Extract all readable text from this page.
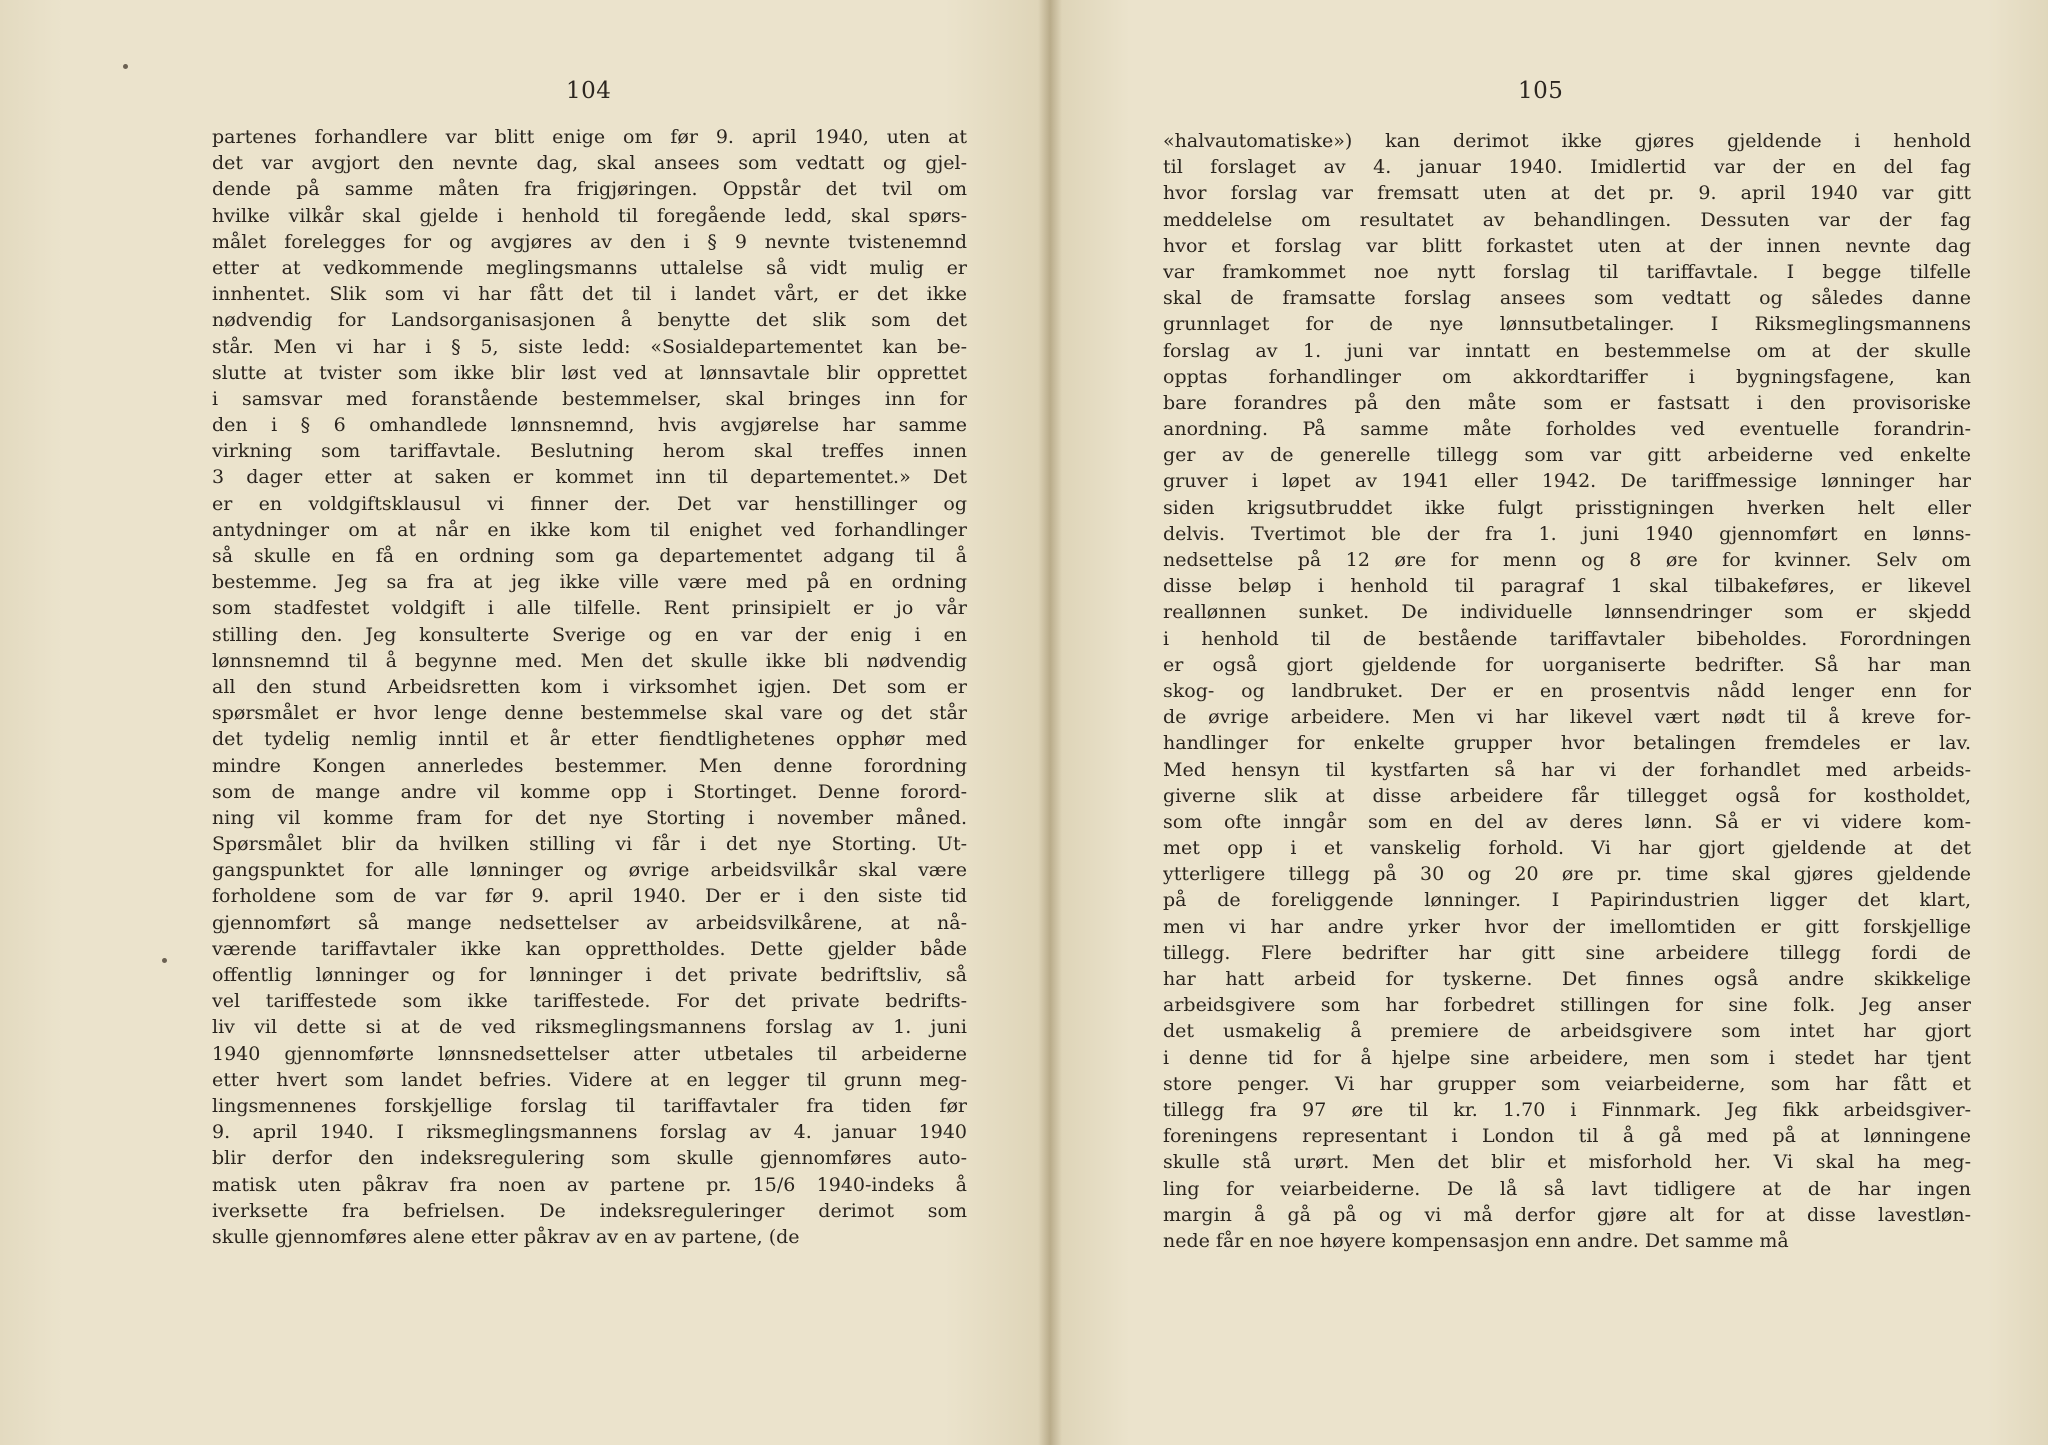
104
partenes forhandlere var blitt enige om før 9. april 1940, uten at
det var avgjort den nevnte dag, skal ansees som vedtatt og gjel-
dende på samme måten fra frigjøringen. Oppstår det tvil om
hvilke vilkår skal gjelde i henhold til foregående ledd, skal spørs-
målet forelegges for og avgjøres av den i § 9 nevnte tvistenemnd
etter at vedkommende meglingsmanns uttalelse så vidt mulig er
innhentet. Slik som vi har fått det til i landet vårt, er det ikke
nødvendig for Landsorganisasjonen å benytte det slik som det
står. Men vi har i § 5, siste ledd: «Sosialdepartementet kan be-
slutte at tvister som ikke blir løst ved at lønnsavtale blir opprettet
i samsvar med foranstående bestemmelser, skal bringes inn for
den i § 6 omhandlede lønnsnemnd, hvis avgjørelse har samme
virkning som tariffavtale. Beslutning herom skal treffes innen
3 dager etter at saken er kommet inn til departementet.» Det
er en voldgiftsklausul vi finner der. Det var henstillinger og
antydninger om at når en ikke kom til enighet ved forhandlinger
så skulle en få en ordning som ga departementet adgang til å
bestemme. Jeg sa fra at jeg ikke ville være med på en ordning
som stadfestet voldgift i alle tilfelle. Rent prinsipielt er jo vår
stilling den. Jeg konsulterte Sverige og en var der enig i en
lønnsnemnd til å begynne med. Men det skulle ikke bli nødvendig
all den stund Arbeidsretten kom i virksomhet igjen. Det som er
spørsmålet er hvor lenge denne bestemmelse skal vare og det står
det tydelig nemlig inntil et år etter fiendtlighetenes opphør med
mindre Kongen annerledes bestemmer. Men denne forordning
som de mange andre vil komme opp i Stortinget. Denne forord-
ning vil komme fram for det nye Storting i november måned.
Spørsmålet blir da hvilken stilling vi får i det nye Storting. Ut-
gangspunktet for alle lønninger og øvrige arbeidsvilkår skal være
forholdene som de var før 9. april 1940. Der er i den siste tid
gjennomført så mange nedsettelser av arbeidsvilkårene, at nå-
værende tariffavtaler ikke kan opprettholdes. Dette gjelder både
offentlig lønninger og for lønninger i det private bedriftsliv, så
vel tariffestede som ikke tariffestede. For det private bedrifts-
liv vil dette si at de ved riksmeglingsmannens forslag av 1. juni
1940 gjennomførte lønnsnedsettelser atter utbetales til arbeiderne
etter hvert som landet befries. Videre at en legger til grunn meg-
lingsmennenes forskjellige forslag til tariffavtaler fra tiden før
9. april 1940. I riksmeglingsmannens forslag av 4. januar 1940
blir derfor den indeksregulering som skulle gjennomføres auto-
matisk uten påkrav fra noen av partene pr. 15/6 1940-indeks å
iverksette fra befrielsen. De indeksreguleringer derimot som
skulle gjennomføres alene etter påkrav av en av partene, (de
105
«halvautomatiske») kan derimot ikke gjøres gjeldende i henhold
til forslaget av 4. januar 1940. Imidlertid var der en del fag
hvor forslag var fremsatt uten at det pr. 9. april 1940 var gitt
meddelelse om resultatet av behandlingen. Dessuten var der fag
hvor et forslag var blitt forkastet uten at der innen nevnte dag
var framkommet noe nytt forslag til tariffavtale. I begge tilfelle
skal de framsatte forslag ansees som vedtatt og således danne
grunnlaget for de nye lønnsutbetalinger. I Riksmeglingsmannens
forslag av 1. juni var inntatt en bestemmelse om at der skulle
opptas forhandlinger om akkordtariffer i bygningsfagene, kan
bare forandres på den måte som er fastsatt i den provisoriske
anordning. På samme måte forholdes ved eventuelle forandrin-
ger av de generelle tillegg som var gitt arbeiderne ved enkelte
gruver i løpet av 1941 eller 1942. De tariffmessige lønninger har
siden krigsutbruddet ikke fulgt prisstigningen hverken helt eller
delvis. Tvertimot ble der fra 1. juni 1940 gjennomført en lønns-
nedsettelse på 12 øre for menn og 8 øre for kvinner. Selv om
disse beløp i henhold til paragraf 1 skal tilbakeføres, er likevel
reallønnen sunket. De individuelle lønnsendringer som er skjedd
i henhold til de bestående tariffavtaler bibeholdes. Forordningen
er også gjort gjeldende for uorganiserte bedrifter. Så har man
skog- og landbruket. Der er en prosentvis nådd lenger enn for
de øvrige arbeidere. Men vi har likevel vært nødt til å kreve for-
handlinger for enkelte grupper hvor betalingen fremdeles er lav.
Med hensyn til kystfarten så har vi der forhandlet med arbeids-
giverne slik at disse arbeidere får tillegget også for kostholdet,
som ofte inngår som en del av deres lønn. Så er vi videre kom-
met opp i et vanskelig forhold. Vi har gjort gjeldende at det
ytterligere tillegg på 30 og 20 øre pr. time skal gjøres gjeldende
på de foreliggende lønninger. I Papirindustrien ligger det klart,
men vi har andre yrker hvor der imellomtiden er gitt forskjellige
tillegg. Flere bedrifter har gitt sine arbeidere tillegg fordi de
har hatt arbeid for tyskerne. Det finnes også andre skikkelige
arbeidsgivere som har forbedret stillingen for sine folk. Jeg anser
det usmakelig å premiere de arbeidsgivere som intet har gjort
i denne tid for å hjelpe sine arbeidere, men som i stedet har tjent
store penger. Vi har grupper som veiarbeiderne, som har fått et
tillegg fra 97 øre til kr. 1.70 i Finnmark. Jeg fikk arbeidsgiver-
foreningens representant i London til å gå med på at lønningene
skulle stå urørt. Men det blir et misforhold her. Vi skal ha meg-
ling for veiarbeiderne. De lå så lavt tidligere at de har ingen
margin å gå på og vi må derfor gjøre alt for at disse lavestløn-
nede får en noe høyere kompensasjon enn andre. Det samme må
